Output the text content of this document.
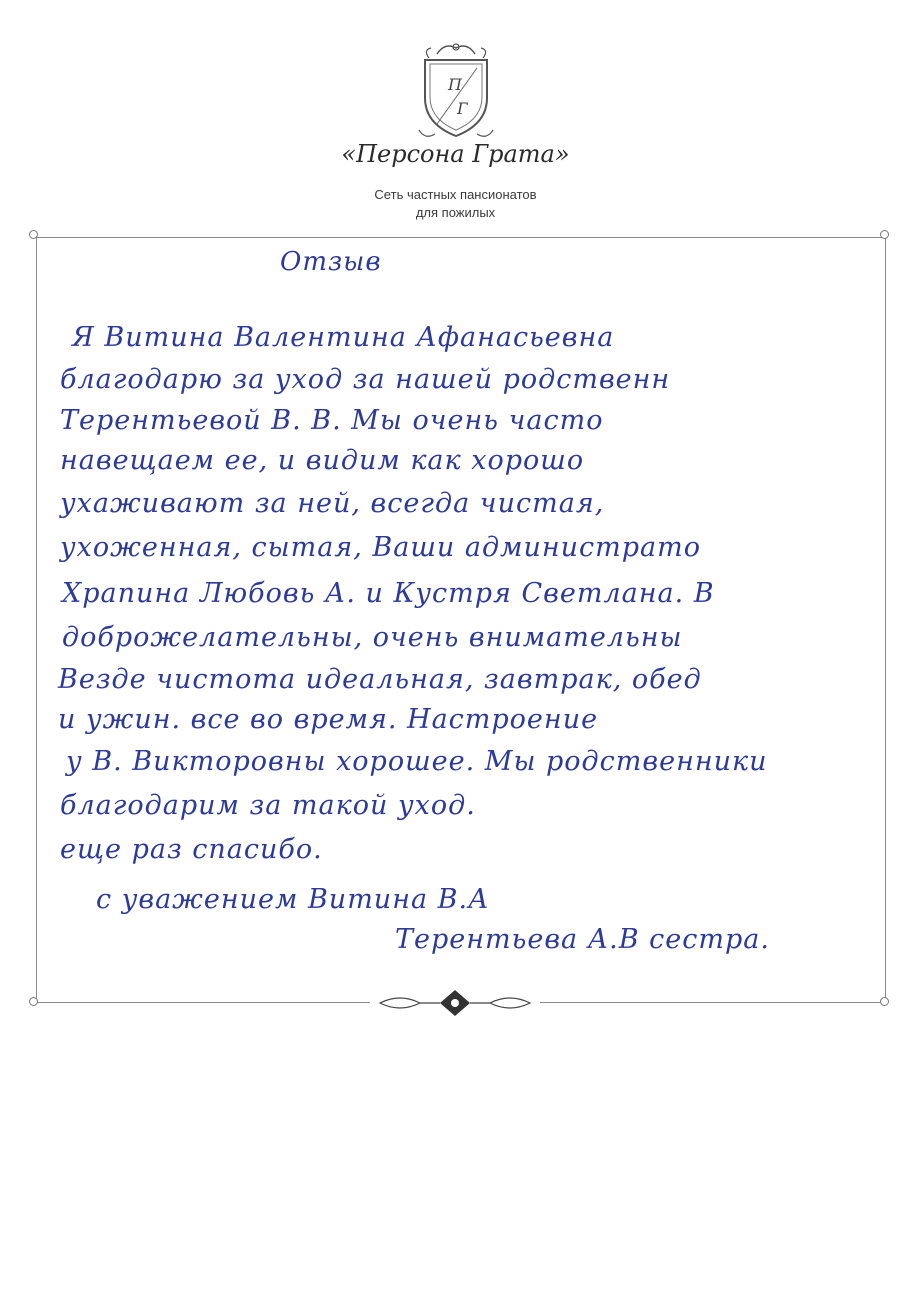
П
Г
«Персона Грата»
Сеть частных пансионатов
для пожилых
Отзыв
Я Витина Валентина Афанасьевна
благодарю за уход за нашей родственн
Терентьевой В. В. Мы очень часто
навещаем ее, и видим как хорошо
ухаживают за ней, всегда чистая,
ухоженная, сытая, Ваши администрато
Храпина Любовь А. и Кустря Светлана. В
доброжелательны, очень внимательны
Везде чистота идеальная, завтрак, обед
и ужин. все во время. Настроение
у В. Викторовны хорошее. Мы родственники
благодарим за такой уход.
еще раз спасибо.
с уважением Витина В.А
Терентьева А.В сестра.
